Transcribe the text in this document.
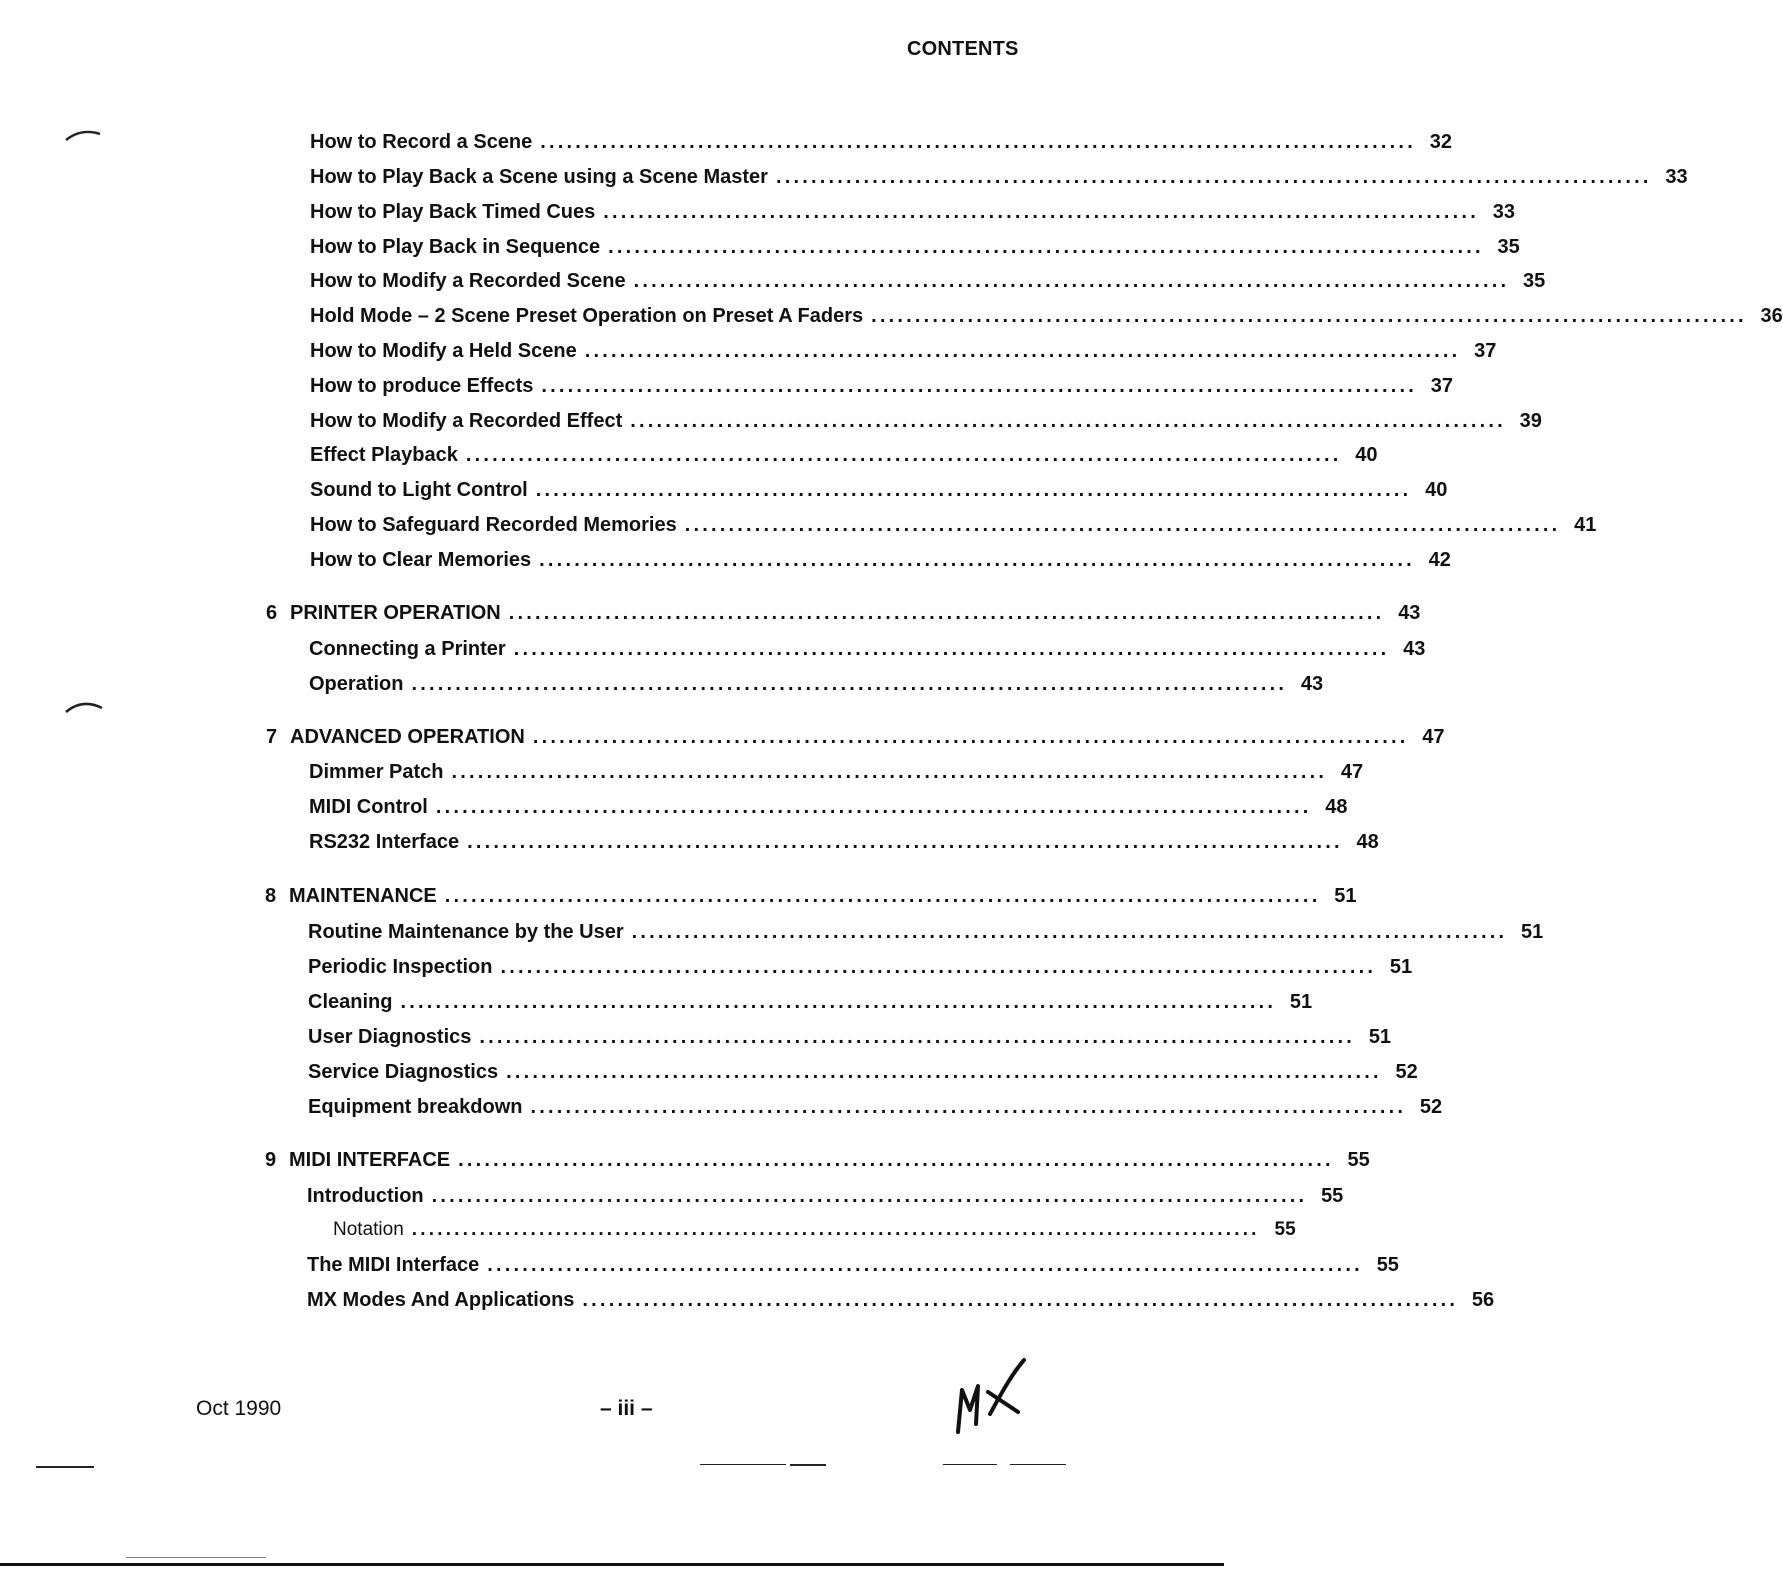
CONTENTS
How to Record a Scene .................................................................................................... 32
How to Play Back a Scene using a Scene Master .................................................................................................... 33
How to Play Back Timed Cues .................................................................................................... 33
How to Play Back in Sequence .................................................................................................... 35
How to Modify a Recorded Scene .................................................................................................... 35
Hold Mode – 2 Scene Preset Operation on Preset A Faders .................................................................................................... 36
How to Modify a Held Scene .................................................................................................... 37
How to produce Effects .................................................................................................... 37
How to Modify a Recorded Effect .................................................................................................... 39
Effect Playback .................................................................................................... 40
Sound to Light Control .................................................................................................... 40
How to Safeguard Recorded Memories .................................................................................................... 41
How to Clear Memories .................................................................................................... 42
6 PRINTER OPERATION .................................................................................................... 43
Connecting a Printer .................................................................................................... 43
Operation .................................................................................................... 43
7 ADVANCED OPERATION .................................................................................................... 47
Dimmer Patch .................................................................................................... 47
MIDI Control .................................................................................................... 48
RS232 Interface .................................................................................................... 48
8 MAINTENANCE .................................................................................................... 51
Routine Maintenance by the User .................................................................................................... 51
Periodic Inspection .................................................................................................... 51
Cleaning .................................................................................................... 51
User Diagnostics .................................................................................................... 51
Service Diagnostics .................................................................................................... 52
Equipment breakdown .................................................................................................... 52
9 MIDI INTERFACE .................................................................................................... 55
Introduction .................................................................................................... 55
Notation .................................................................................................... 55
The MIDI Interface .................................................................................................... 55
MX Modes And Applications .................................................................................................... 56
Oct 1990	– iii –
